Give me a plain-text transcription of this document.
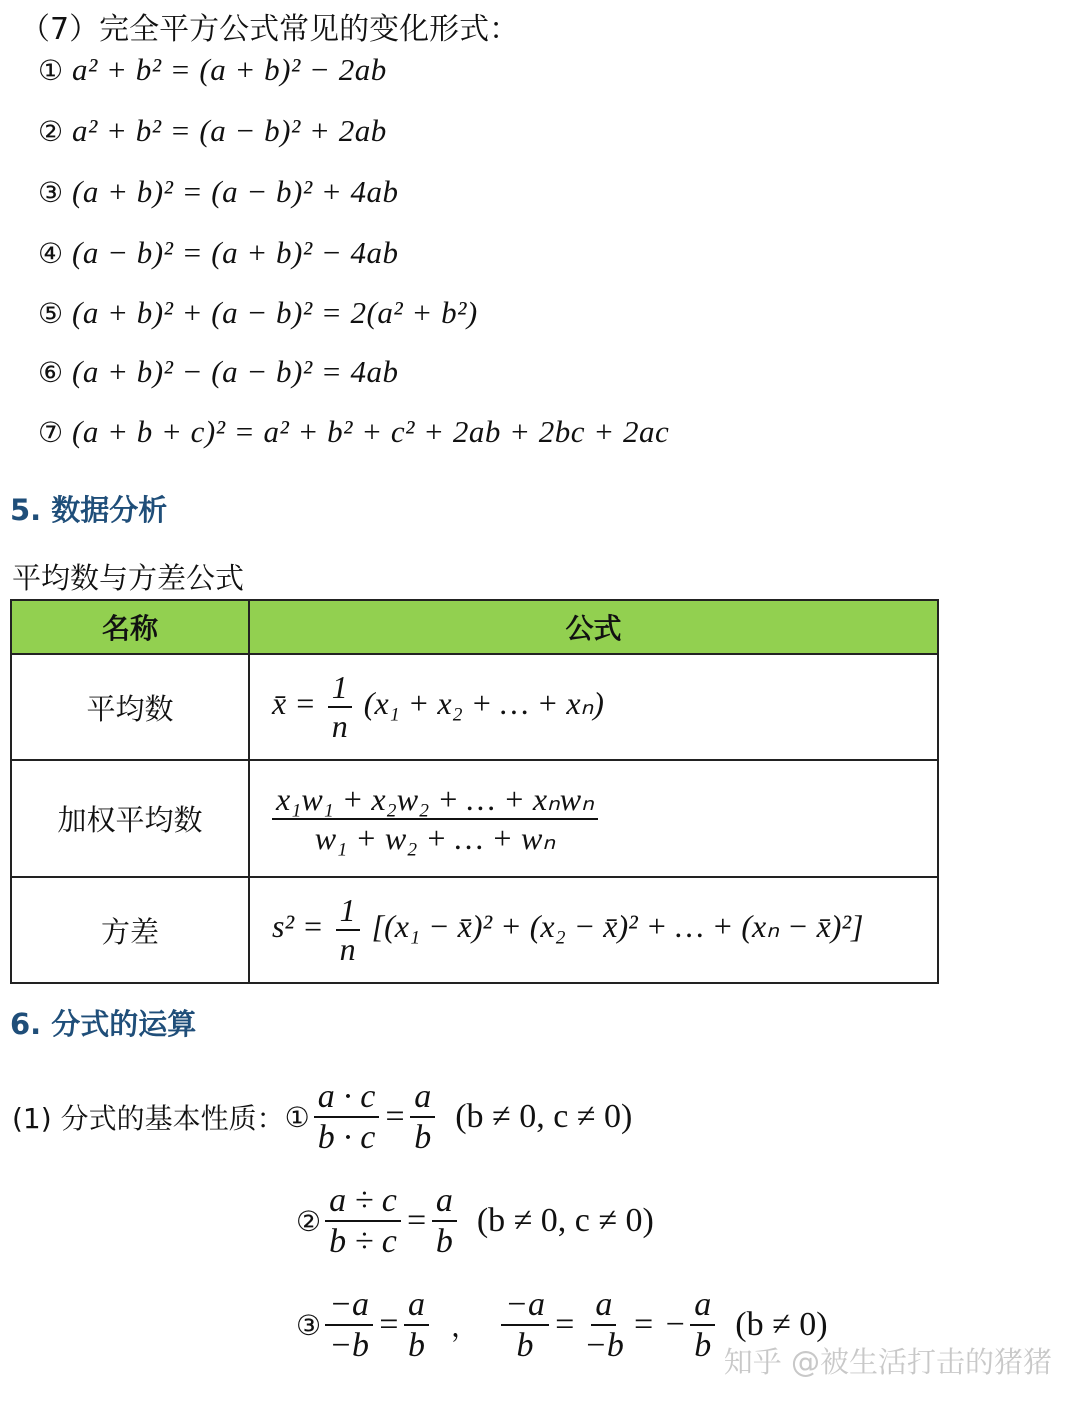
（7）完全平方公式常见的变化形式：
① a² + b² = (a + b)² − 2ab
② a² + b² = (a − b)² + 2ab
③ (a + b)² = (a − b)² + 4ab
④ (a − b)² = (a + b)² − 4ab
⑤ (a + b)² + (a − b)² = 2(a² + b²)
⑥ (a + b)² − (a − b)² = 4ab
⑦ (a + b + c)² = a² + b² + c² + 2ab + 2bc + 2ac
5. 数据分析
平均数与方差公式
名称	公式
平均数	x̄ = $\frac{1}{n} (x_1 + x_2$ + … + xₙ)
加权平均数	$\frac{\text{x₁w₁ + x₂w₂ + … + xₙwₙ}}{\text{w₁ + w₂ + … + wₙ}}$

方差	$s^2 = \frac{1}{n} [(x_1$ − x̄)² + (x₂ − x̄)² + … + (xₙ − x̄)²]
6. 分式的运算
(1) 分式的基本性质： ① $\frac{a \cdot c}{b \cdot c} = \frac{a}{b} (b \ne 0$, c ≠ 0)
② $\frac{a \div c}{b \div c} = \frac{a}{b} (b \ne 0$, c ≠ 0)
③ $\frac{-a}{-b} = \frac{a}{b}$ ， $\frac{-a}{b} = \frac{a}{-b}$ = − $\frac{a}{b} (b \ne 0)$
知乎 @被生活打击的猪猪
